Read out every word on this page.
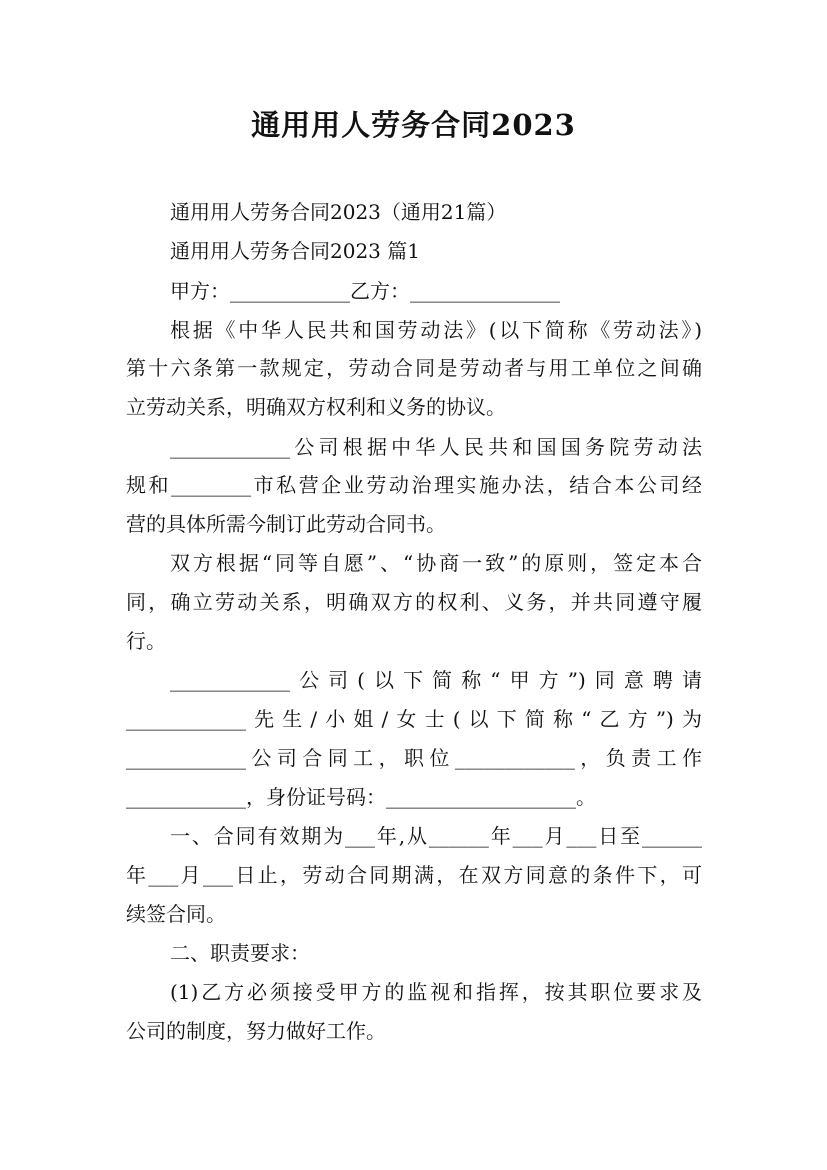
通用用人劳务合同2023
通用用人劳务合同2023（通用21篇）
通用用人劳务合同2023 篇1
甲方：____________乙方：_______________
根据《中华人民共和国劳动法》(以下简称《劳动法》)
第十六条第一款规定，劳动合同是劳动者与用工单位之间确
立劳动关系，明确双方权利和义务的协议。
____________公司根据中华人民共和国国务院劳动法
规和________市私营企业劳动治理实施办法，结合本公司经
营的具体所需今制订此劳动合同书。
双方根据“同等自愿”、“协商一致”的原则，签定本合
同，确立劳动关系，明确双方的权利、义务，并共同遵守履
行。
____________公司(以下简称“甲方”)同意聘请
____________先生/小姐/女士(以下简称“乙方”)为
____________公司合同工，职位____________，负责工作
____________，身份证号码：___________________。
一、合同有效期为___年,从______年___月___日至______
年___月___日止，劳动合同期满，在双方同意的条件下，可
续签合同。
二、职责要求：
(1)乙方必须接受甲方的监视和指挥，按其职位要求及
公司的制度，努力做好工作。
